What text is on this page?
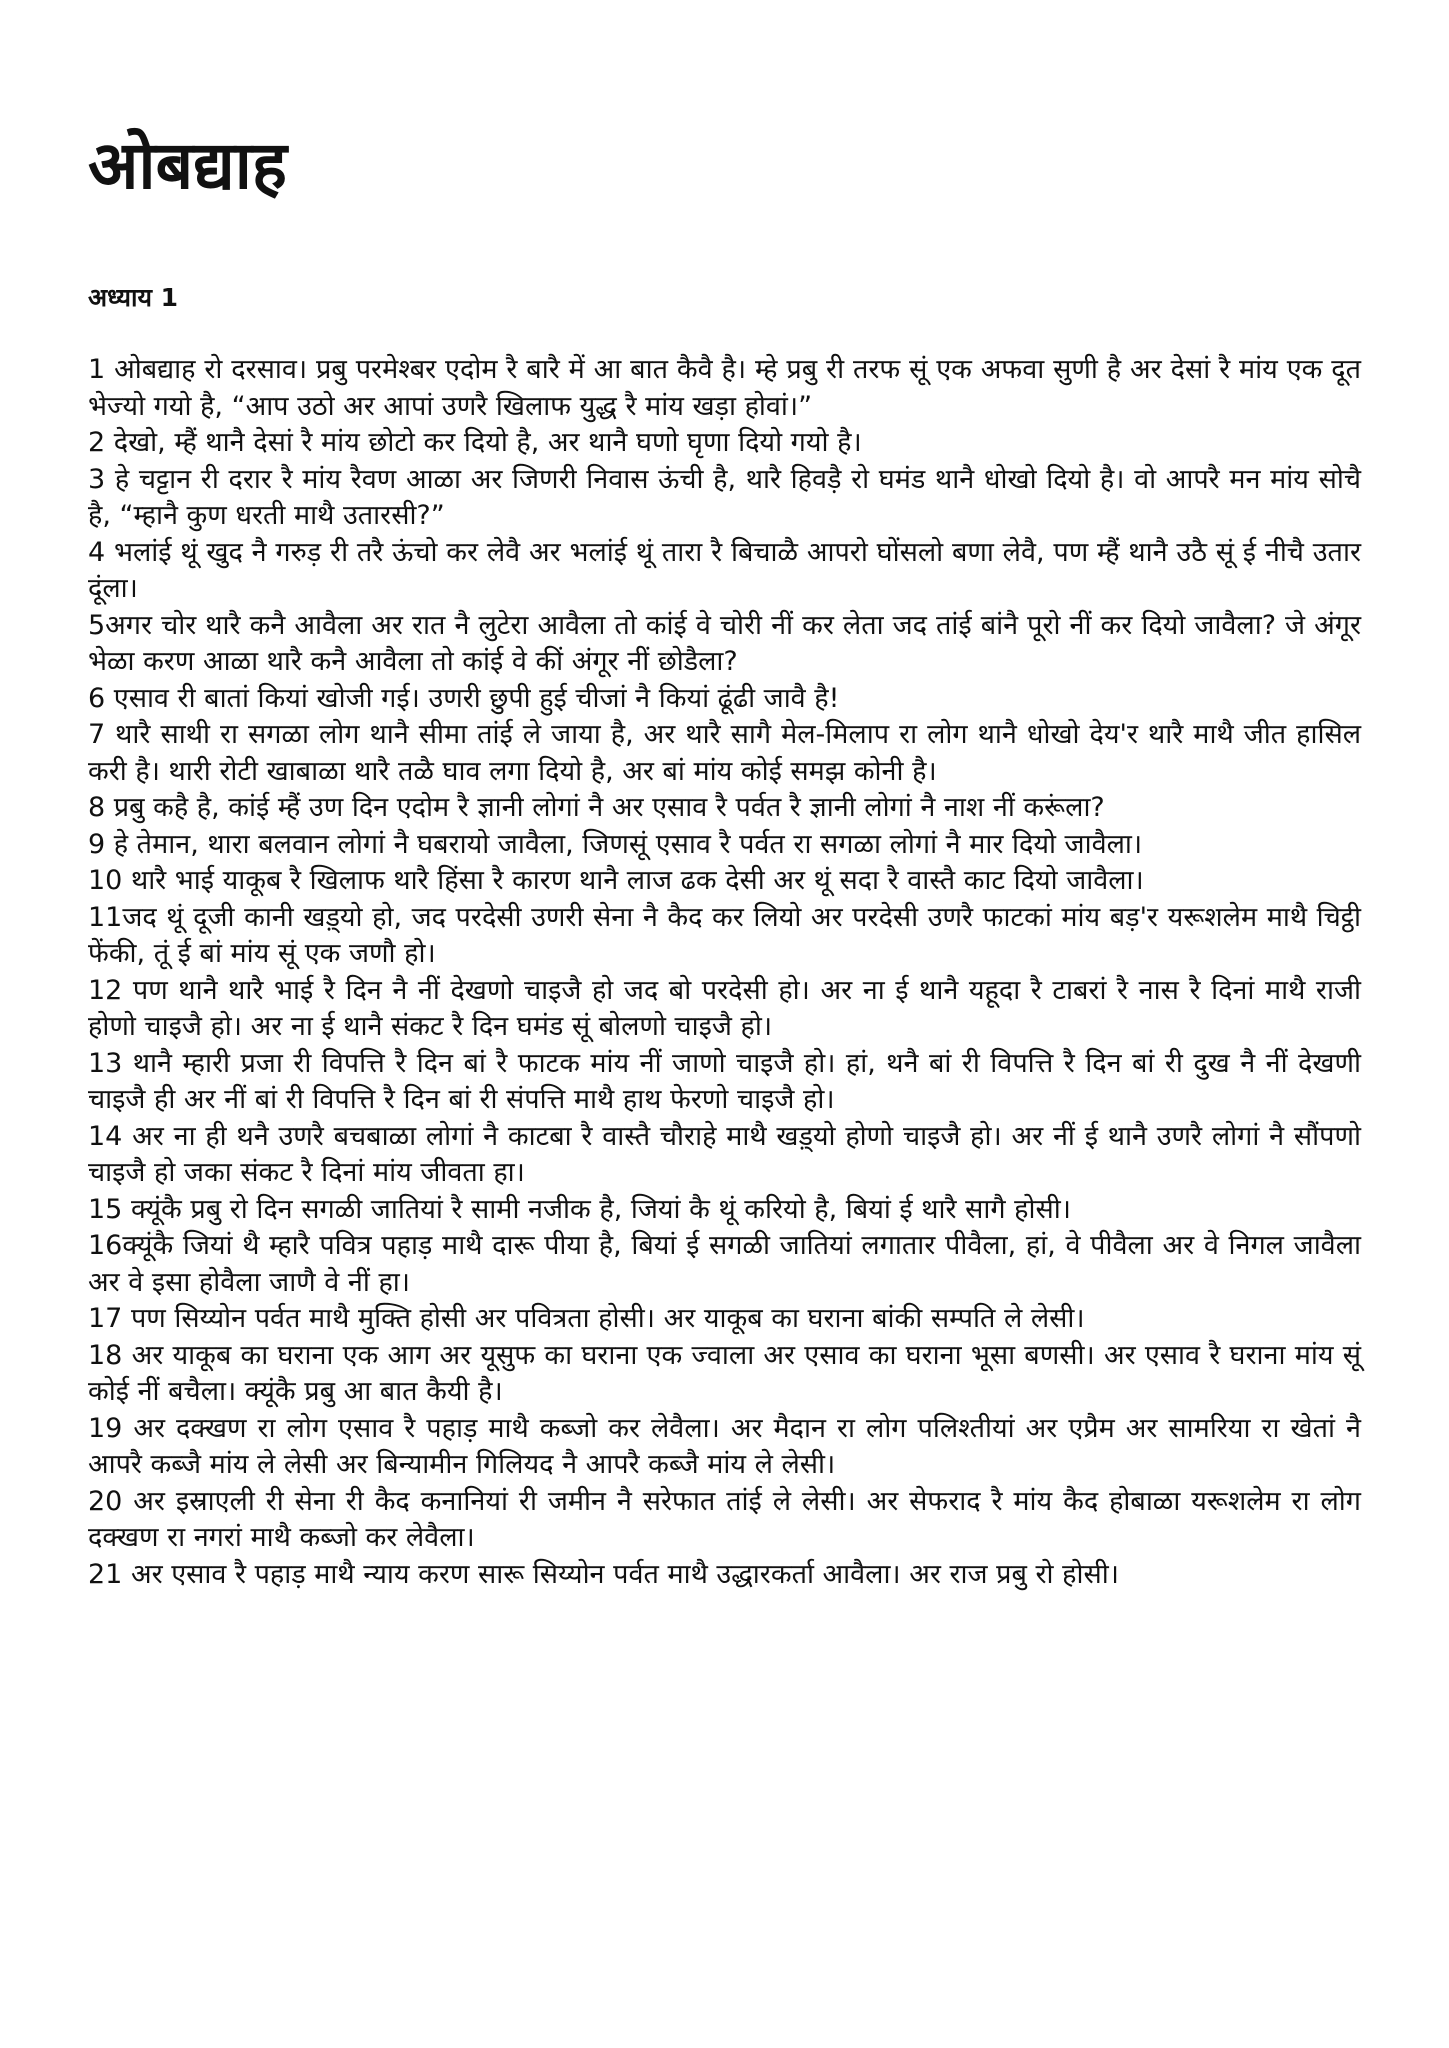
ओबद्याह
अध्याय 1

1 ओबद्याह रो दरसाव। प्रबु परमेश्बर एदोम रै बारै में आ बात कैवै है। म्हे प्रबु री तरफ सूं एक अफवा सुणी है अर देसां रै मांय एक दूत भेज्यो गयो है, “आप उठो अर आपां उणरै खिलाफ युद्ध रै मांय खड़ा होवां।”

2 देखो, म्हैं थानै देसां रै मांय छोटो कर दियो है, अर थानै घणो घृणा दियो गयो है।

3 हे चट्टान री दरार रै मांय रैवण आळा अर जिणरी निवास ऊंची है, थारै हिवड़ै रो घमंड थानै धोखो दियो है। वो आपरै मन मांय सोचै है, “म्हानै कुण धरती माथै उतारसी?”

4 भलांई थूं खुद नै गरुड़ री तरै ऊंचो कर लेवै अर भलांई थूं तारा रै बिचाळै आपरो घोंसलो बणा लेवै, पण म्हैं थानै उठै सूं ई नीचै उतार दूंला।

5अगर चोर थारै कनै आवैला अर रात नै लुटेरा आवैला तो कांई वे चोरी नीं कर लेता जद तांई बांनै पूरो नीं कर दियो जावैला? जे अंगूर भेळा करण आळा थारै कनै आवैला तो कांई वे कीं अंगूर नीं छोडैला?

6 एसाव री बातां कियां खोजी गई। उणरी छुपी हुई चीजां नै कियां ढूंढी जावै है!

7 थारै साथी रा सगळा लोग थानै सीमा तांई ले जाया है, अर थारै सागै मेल-मिलाप रा लोग थानै धोखो देय'र थारै माथै जीत हासिल करी है। थारी रोटी खाबाळा थारै तळै घाव लगा दियो है, अर बां मांय कोई समझ कोनी है।

8 प्रबु कहै है, कांई म्हैं उण दिन एदोम रै ज्ञानी लोगां नै अर एसाव रै पर्वत रै ज्ञानी लोगां नै नाश नीं करूंला?

9 हे तेमान, थारा बलवान लोगां नै घबरायो जावैला, जिणसूं एसाव रै पर्वत रा सगळा लोगां नै मार दियो जावैला।

10 थारै भाई याकूब रै खिलाफ थारै हिंसा रै कारण थानै लाज ढक देसी अर थूं सदा रै वास्तै काट दियो जावैला।

11जद थूं दूजी कानी खड़्यो हो, जद परदेसी उणरी सेना नै कैद कर लियो अर परदेसी उणरै फाटकां मांय बड़'र यरूशलेम माथै चिट्ठी फेंकी, तूं ई बां मांय सूं एक जणौ हो।

12 पण थानै थारै भाई रै दिन नै नीं देखणो चाइजै हो जद बो परदेसी हो। अर ना ई थानै यहूदा रै टाबरां रै नास रै दिनां माथै राजी होणो चाइजै हो। अर ना ई थानै संकट रै दिन घमंड सूं बोलणो चाइजै हो।

13 थानै म्हारी प्रजा री विपत्ति रै दिन बां रै फाटक मांय नीं जाणो चाइजै हो। हां, थनै बां री विपत्ति रै दिन बां री दुख नै नीं देखणी चाइजै ही अर नीं बां री विपत्ति रै दिन बां री संपत्ति माथै हाथ फेरणो चाइजै हो।

14 अर ना ही थनै उणरै बचबाळा लोगां नै काटबा रै वास्तै चौराहे माथै खड़्यो होणो चाइजै हो। अर नीं ई थानै उणरै लोगां नै सौंपणो चाइजै हो जका संकट रै दिनां मांय जीवता हा।

15 क्यूंकै प्रबु रो दिन सगळी जातियां रै सामी नजीक है, जियां कै थूं करियो है, बियां ई थारै सागै होसी।

16क्यूंकै जियां थै म्हारै पवित्र पहाड़ माथै दारू पीया है, बियां ई सगळी जातियां लगातार पीवैला, हां, वे पीवैला अर वे निगल जावैला अर वे इसा होवैला जाणै वे नीं हा।

17 पण सिय्योन पर्वत माथै मुक्ति होसी अर पवित्रता होसी। अर याकूब का घराना बांकी सम्पति ले लेसी।

18 अर याकूब का घराना एक आग अर यूसुफ का घराना एक ज्वाला अर एसाव का घराना भूसा बणसी। अर एसाव रै घराना मांय सूं कोई नीं बचैला। क्यूंकै प्रबु आ बात कैयी है।

19 अर दक्खण रा लोग एसाव रै पहाड़ माथै कब्जो कर लेवैला। अर मैदान रा लोग पलिश्तीयां अर एप्रैम अर सामरिया रा खेतां नै आपरै कब्जै मांय ले लेसी अर बिन्यामीन गिलियद नै आपरै कब्जै मांय ले लेसी।

20 अर इस्राएली री सेना री कैद कनानियां री जमीन नै सरेफात तांई ले लेसी। अर सेफराद रै मांय कैद होबाळा यरूशलेम रा लोग दक्खण रा नगरां माथै कब्जो कर लेवैला।

21 अर एसाव रै पहाड़ माथै न्याय करण सारू सिय्योन पर्वत माथै उद्धारकर्ता आवैला। अर राज प्रबु रो होसी।
